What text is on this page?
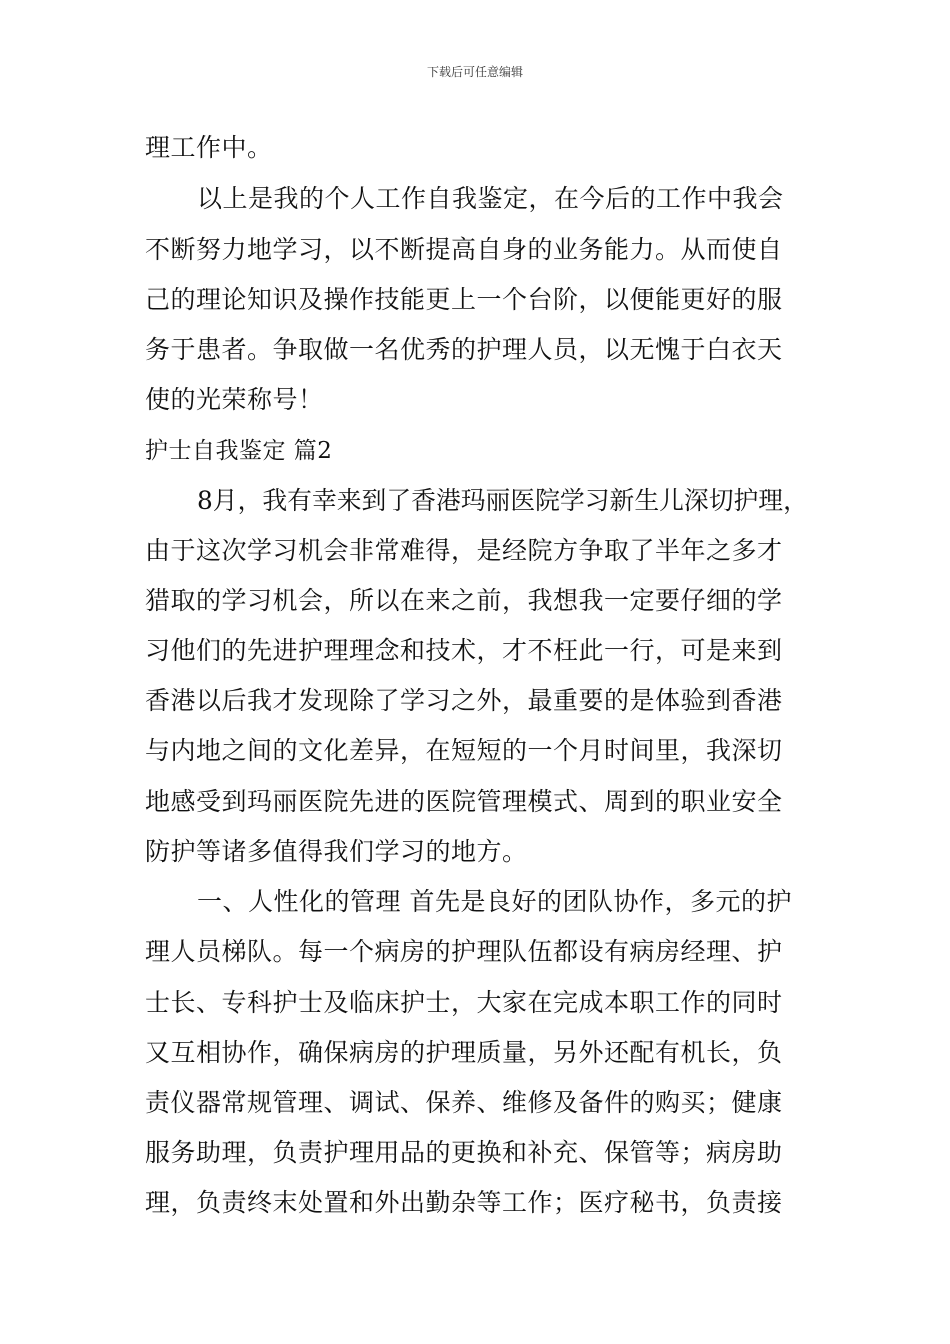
下载后可任意编辑
理工作中。
以上是我的个人工作自我鉴定，在今后的工作中我会
不断努力地学习，以不断提高自身的业务能力。从而使自
己的理论知识及操作技能更上一个台阶，以便能更好的服
务于患者。争取做一名优秀的护理人员，以无愧于白衣天
使的光荣称号！
护士自我鉴定 篇2
8月，我有幸来到了香港玛丽医院学习新生儿深切护理，
由于这次学习机会非常难得，是经院方争取了半年之多才
猎取的学习机会，所以在来之前，我想我一定要仔细的学
习他们的先进护理理念和技术，才不枉此一行，可是来到
香港以后我才发现除了学习之外，最重要的是体验到香港
与内地之间的文化差异，在短短的一个月时间里，我深切
地感受到玛丽医院先进的医院管理模式、周到的职业安全
防护等诸多值得我们学习的地方。
一、人性化的管理 首先是良好的团队协作，多元的护
理人员梯队。每一个病房的护理队伍都设有病房经理、护
士长、专科护士及临床护士，大家在完成本职工作的同时
又互相协作，确保病房的护理质量，另外还配有机长，负
责仪器常规管理、调试、保养、维修及备件的购买；健康
服务助理，负责护理用品的更换和补充、保管等；病房助
理，负责终末处置和外出勤杂等工作；医疗秘书，负责接
